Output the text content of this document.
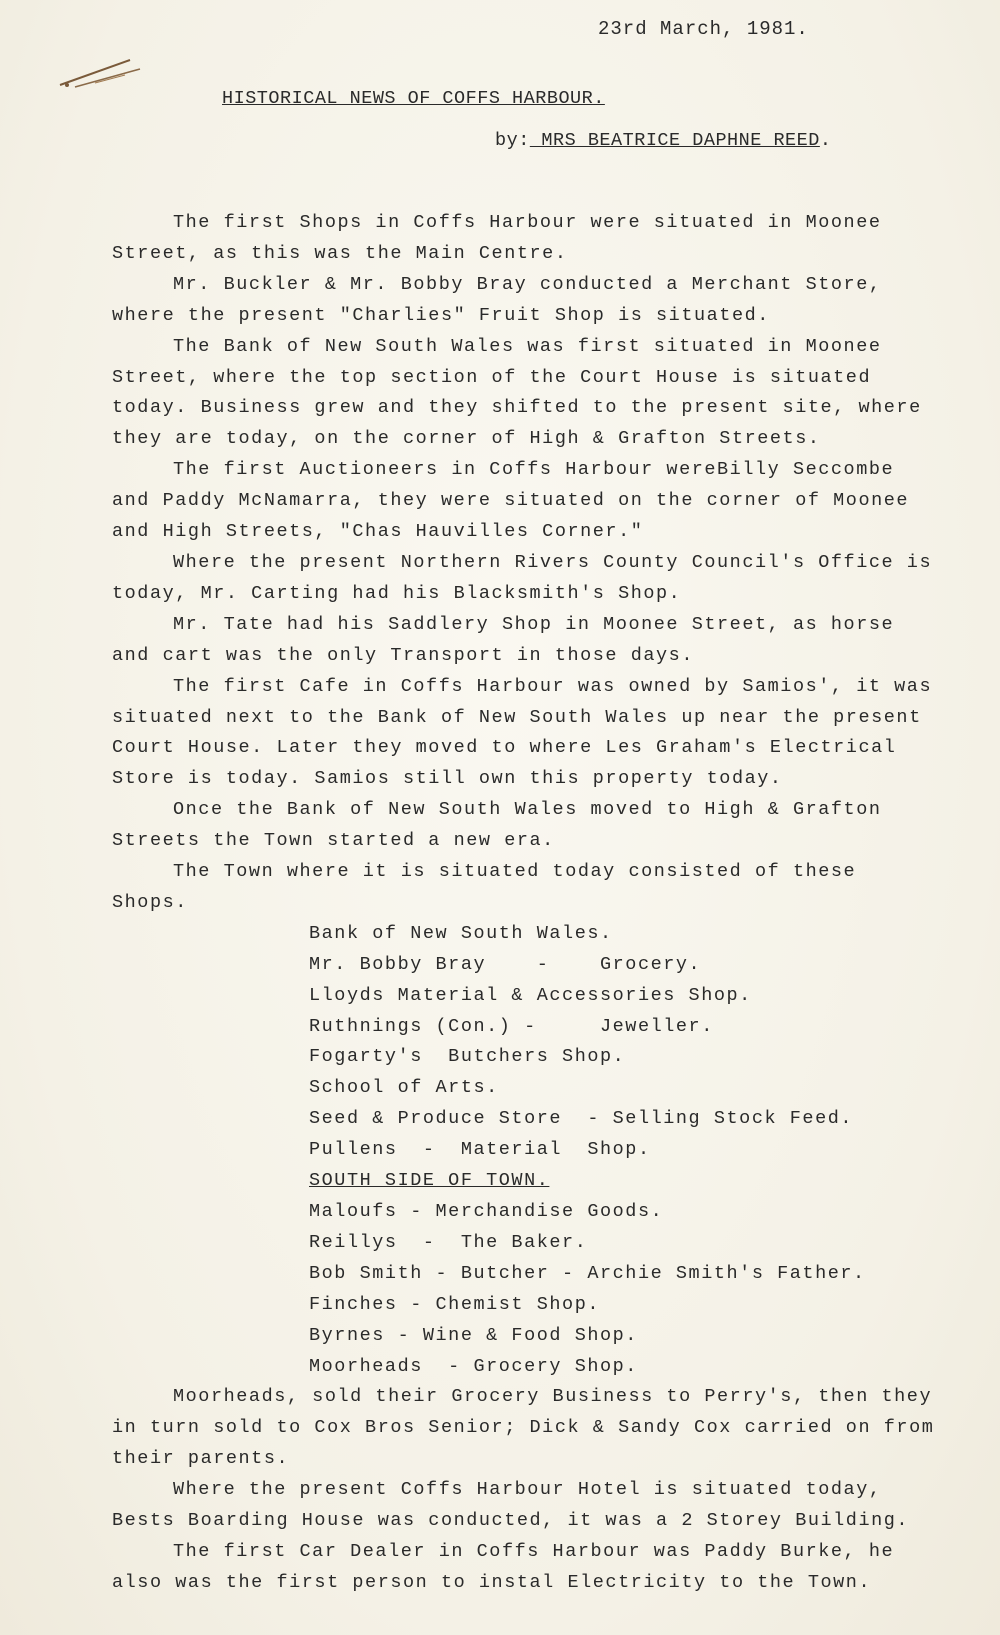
23rd March, 1981.
HISTORICAL NEWS OF COFFS HARBOUR.
by: MRS BEATRICE DAPHNE REED.

The first Shops in Coffs Harbour were situated in Moonee Street, as this was the Main Centre.

Mr. Buckler & Mr. Bobby Bray conducted a Merchant Store, where the present "Charlies" Fruit Shop is situated.

The Bank of New South Wales was first situated in Moonee Street, where the top section of the Court House is situated today. Business grew and they shifted to the present site, where they are today, on the corner of High & Grafton Streets.

The first Auctioneers in Coffs Harbour wereBilly Seccombe and Paddy McNamarra, they were situated on the corner of Moonee and High Streets, "Chas Hauvilles Corner."

Where the present Northern Rivers County Council's Office is today, Mr. Carting had his Blacksmith's Shop.

Mr. Tate had his Saddlery Shop in Moonee Street, as horse and cart was the only Transport in those days.

The first Cafe in Coffs Harbour was owned by Samios', it was situated next to the Bank of New South Wales up near the present Court House. Later they moved to where Les Graham's Electrical Store is today. Samios still own this property today.

Once the Bank of New South Wales moved to High & Grafton Streets the Town started a new era.

The Town where it is situated today consisted of these Shops.

Bank of New South Wales.

Mr. Bobby Bray    -    Grocery.

Lloyds Material & Accessories Shop.

Ruthnings (Con.) -     Jeweller.

Fogarty's  Butchers Shop.

School of Arts.

Seed & Produce Store  - Selling Stock Feed.

Pullens  -  Material  Shop.

SOUTH SIDE OF TOWN.

Maloufs - Merchandise Goods.

Reillys  -  The Baker.

Bob Smith - Butcher - Archie Smith's Father.

Finches - Chemist Shop.

Byrnes - Wine & Food Shop.

Moorheads  - Grocery Shop.

Moorheads, sold their Grocery Business to Perry's, then they in turn sold to Cox Bros Senior; Dick & Sandy Cox carried on from their parents.

Where the present Coffs Harbour Hotel is situated today, Bests Boarding House was conducted, it was a 2 Storey Building.

The first Car Dealer in Coffs Harbour was Paddy Burke, he also was the first person to instal Electricity to the Town.
